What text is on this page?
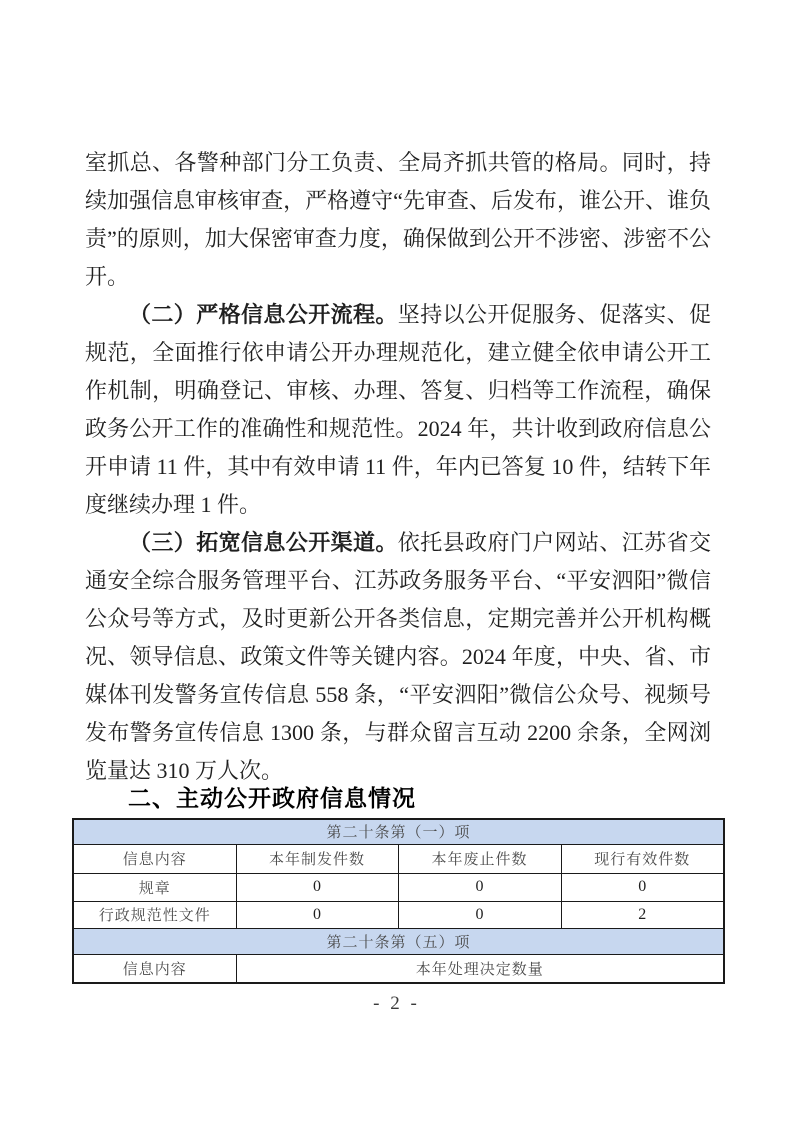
室抓总、各警种部门分工负责、全局齐抓共管的格局。同时，持续加强信息审核审查，严格遵守“先审查、后发布，谁公开、谁负责”的原则，加大保密审查力度，确保做到公开不涉密、涉密不公开。

（二）严格信息公开流程。坚持以公开促服务、促落实、促规范，全面推行依申请公开办理规范化，建立健全依申请公开工作机制，明确登记、审核、办理、答复、归档等工作流程，确保政务公开工作的准确性和规范性。2024 年，共计收到政府信息公开申请 11 件，其中有效申请 11 件，年内已答复 10 件，结转下年度继续办理 1 件。

（三）拓宽信息公开渠道。依托县政府门户网站、江苏省交通安全综合服务管理平台、江苏政务服务平台、“平安泗阳”微信公众号等方式，及时更新公开各类信息，定期完善并公开机构概况、领导信息、政策文件等关键内容。2024 年度，中央、省、市媒体刊发警务宣传信息 558 条，“平安泗阳”微信公众号、视频号发布警务宣传信息 1300 条，与群众留言互动 2200 余条，全网浏览量达 310 万人次。

二、主动公开政府信息情况
第二十条第（一）项			
信息内容	本年制发件数	本年废止件数	现行有效件数
规章	0	0	0
行政规范性文件	0	0	2
第二十条第（五）项			
信息内容	本年处理决定数量		
- 2 -
